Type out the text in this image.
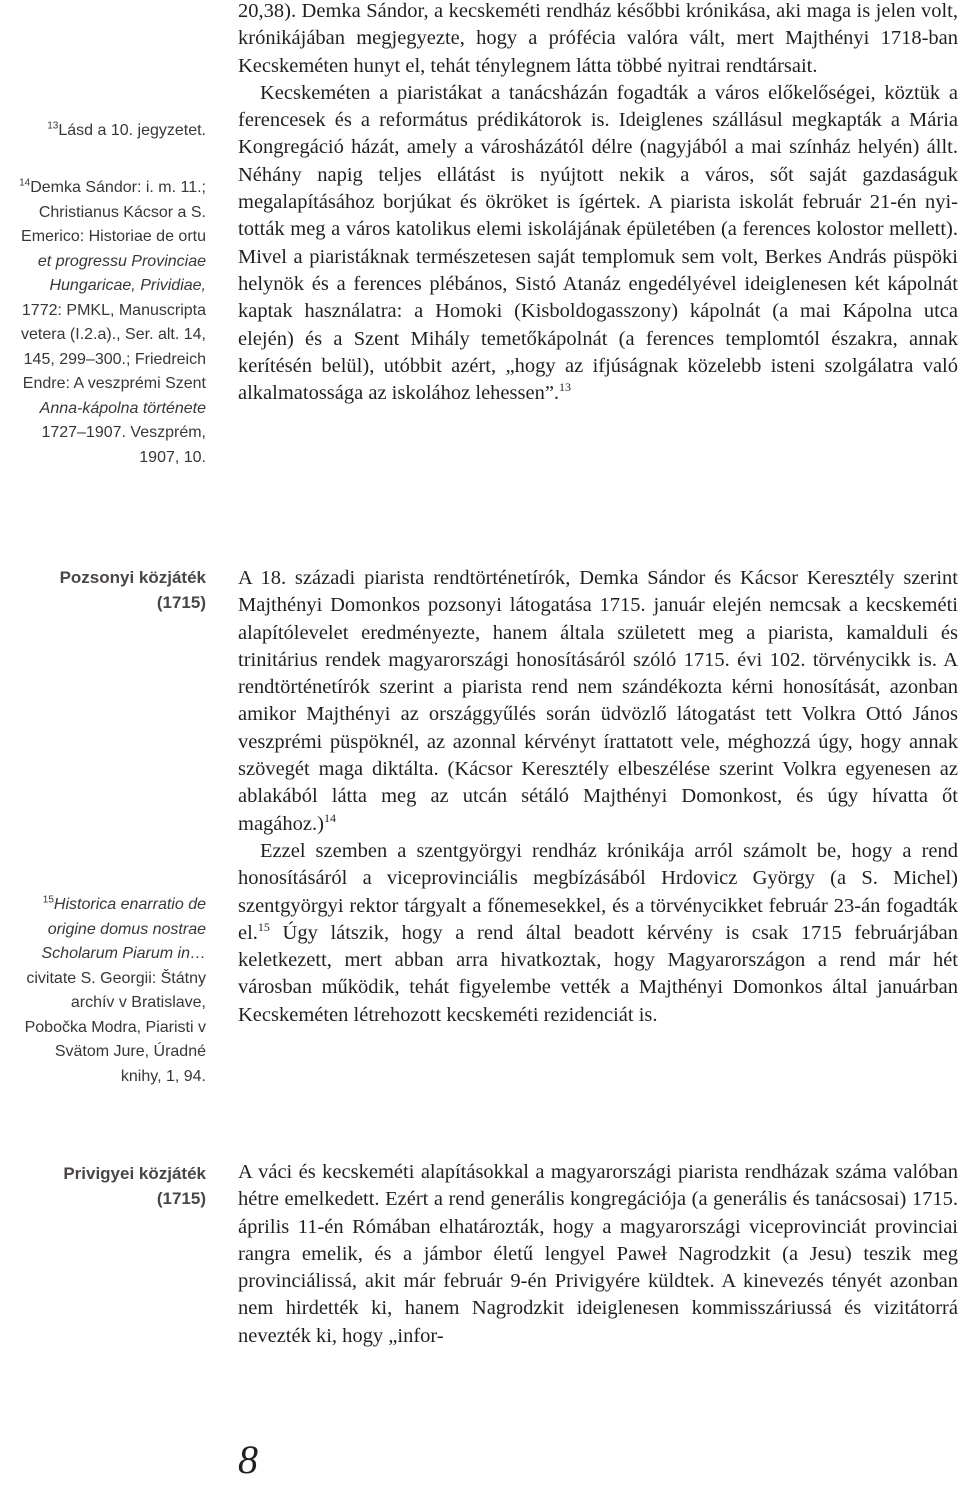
$^{13}$Lásd a 10. jegyzetet.
$^{14}$Demka Sándor: i. m. 11.;
Christianus Kácsor a S.
Emerico: Historiae de ortu
et progressu Provinciae
Hungaricae, Prividiae,
1772: PMKL, Manuscripta
vetera (I.2.a)., Ser. alt. 14,
145, 299–300.; Friedreich
Endre: A veszprémi Szent
Anna-kápolna története
1727–1907. Veszprém,
1907, 10.
Pozsonyi közjáték
(1715)
$^{15}$Historica enarratio de
origine domus nostrae
Scholarum Piarum in…
civitate S. Georgii: Štátny
archív v Bratislave,
Pobočka Modra, Piaristi v
Svätom Jure, Úradné
knihy, 1, 94.
Privigyei közjáték
(1715)

20,38). Demka Sándor, a kecskeméti rendház későbbi krónikása, aki maga is jelen volt, krónikájában megjegyezte, hogy a prófécia valóra vált, mert Majthényi 1718-ban Kecskeméten hunyt el, tehát ténylegnem látta többé nyitrai rendtársait.

Kecskeméten a piaristákat a tanácsházán fogadták a város előkelőségei, köztük a ferencesek és a református prédikátorok is. Ideiglenes szállásul megkapták a Mária Kongregáció házát, amely a városházától délre (nagyjából a mai színház helyén) állt. Néhány napig teljes ellátást is nyújtott nekik a város, sőt saját gazdaságuk megalapításához borjúkat és ökröket is ígértek. A piarista iskolát február 21-én nyitották meg a város katolikus elemi iskolájának épületében (a ferences kolostor mellett). Mivel a piaristáknak természetesen saját templomuk sem volt, Berkes András püspöki helynök és a ferences plébános, Sistó Atanáz engedélyével ideiglenesen két kápolnát kaptak használatra: a Homoki (Kisboldogasszony) kápolnát (a mai Kápolna utca elején) és a Szent Mihály temetőkápolnát (a ferences templomtól északra, annak kerítésén belül), utóbbit azért, „hogy az ifjúságnak közelebb isteni szolgálatra való alkalmatossága az iskolához lehessen”.$^{13}$

A 18. századi piarista rendtörténetírók, Demka Sándor és Kácsor Keresztély szerint Majthényi Domonkos pozsonyi látogatása 1715. január elején nemcsak a kecskeméti alapítólevelet eredményezte, hanem általa született meg a piarista, kamalduli és trinitárius rendek magyarországi honosításáról szóló 1715. évi 102. törvénycikk is. A rendtörténetírók szerint a piarista rend nem szándékozta kérni honosítását, azonban amikor Majthényi az országgyűlés során üdvözlő látogatást tett Volkra Ottó János veszprémi püspöknél, az azonnal kérvényt írattatott vele, méghozzá úgy, hogy annak szövegét maga diktálta. (Kácsor Keresztély elbeszélése szerint Volkra egyenesen az ablakából látta meg az utcán sétáló Majthényi Domonkost, és úgy hívatta őt magához.)$^{14}$

Ezzel szemben a szentgyörgyi rendház krónikája arról számolt be, hogy a rend honosításáról a viceprovinciális megbízásából Hrdovicz György (a S. Michel) szentgyörgyi rektor tárgyalt a főnemesekkel, és a törvénycikket február 23-án fogadták el.$^{15}$ Úgy látszik, hogy a rend által beadott kérvény is csak 1715 februárjában keletkezett, mert abban arra hivatkoztak, hogy Magyarországon a rend már hét városban működik, tehát figyelembe vették a Majthényi Domonkos által januárban Kecskeméten létrehozott kecskeméti rezidenciát is.

A váci és kecskeméti alapításokkal a magyarországi piarista rendházak száma valóban hétre emelkedett. Ezért a rend generális kongregációja (a generális és tanácsosai) 1715. április 11-én Rómában elhatározták, hogy a magyarországi viceprovinciát provinciai rangra emelik, és a jámbor életű lengyel Paweł Nagrodzkit (a Jesu) teszik meg provinciálissá, akit már február 9-én Privigyére küldtek. A kinevezés tényét azonban nem hirdették ki, hanem Nagrodzkit ideiglenesen kommisszáriussá és vizitátorrá nevezték ki, hogy „infor-

8
